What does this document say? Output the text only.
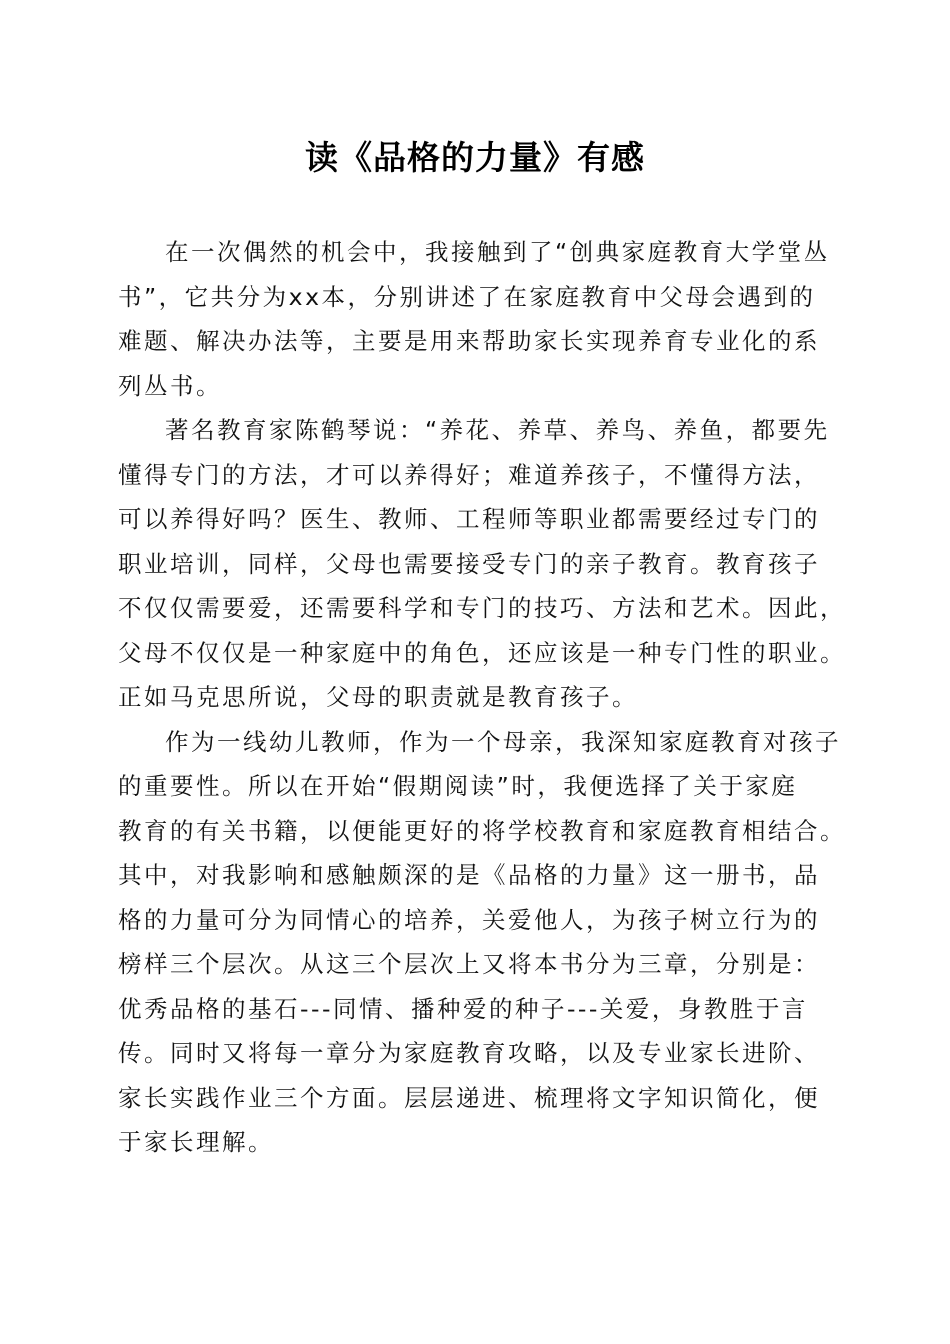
读《品格的力量》有感
在一次偶然的机会中，我接触到了“创典家庭教育大学堂丛
书”，它共分为xx本，分别讲述了在家庭教育中父母会遇到的
难题、解决办法等，主要是用来帮助家长实现养育专业化的系
列丛书。
著名教育家陈鹤琴说：“养花、养草、养鸟、养鱼，都要先
懂得专门的方法，才可以养得好；难道养孩子，不懂得方法，
可以养得好吗？医生、教师、工程师等职业都需要经过专门的
职业培训，同样，父母也需要接受专门的亲子教育。教育孩子
不仅仅需要爱，还需要科学和专门的技巧、方法和艺术。因此，
父母不仅仅是一种家庭中的角色，还应该是一种专门性的职业。
正如马克思所说，父母的职责就是教育孩子。
作为一线幼儿教师，作为一个母亲，我深知家庭教育对孩子
的重要性。所以在开始“假期阅读”时，我便选择了关于家庭
教育的有关书籍，以便能更好的将学校教育和家庭教育相结合。
其中，对我影响和感触颇深的是《品格的力量》这一册书，品
格的力量可分为同情心的培养，关爱他人，为孩子树立行为的
榜样三个层次。从这三个层次上又将本书分为三章，分别是：
优秀品格的基石---同情、播种爱的种子---关爱，身教胜于言
传。同时又将每一章分为家庭教育攻略，以及专业家长进阶、
家长实践作业三个方面。层层递进、梳理将文字知识简化，便
于家长理解。
